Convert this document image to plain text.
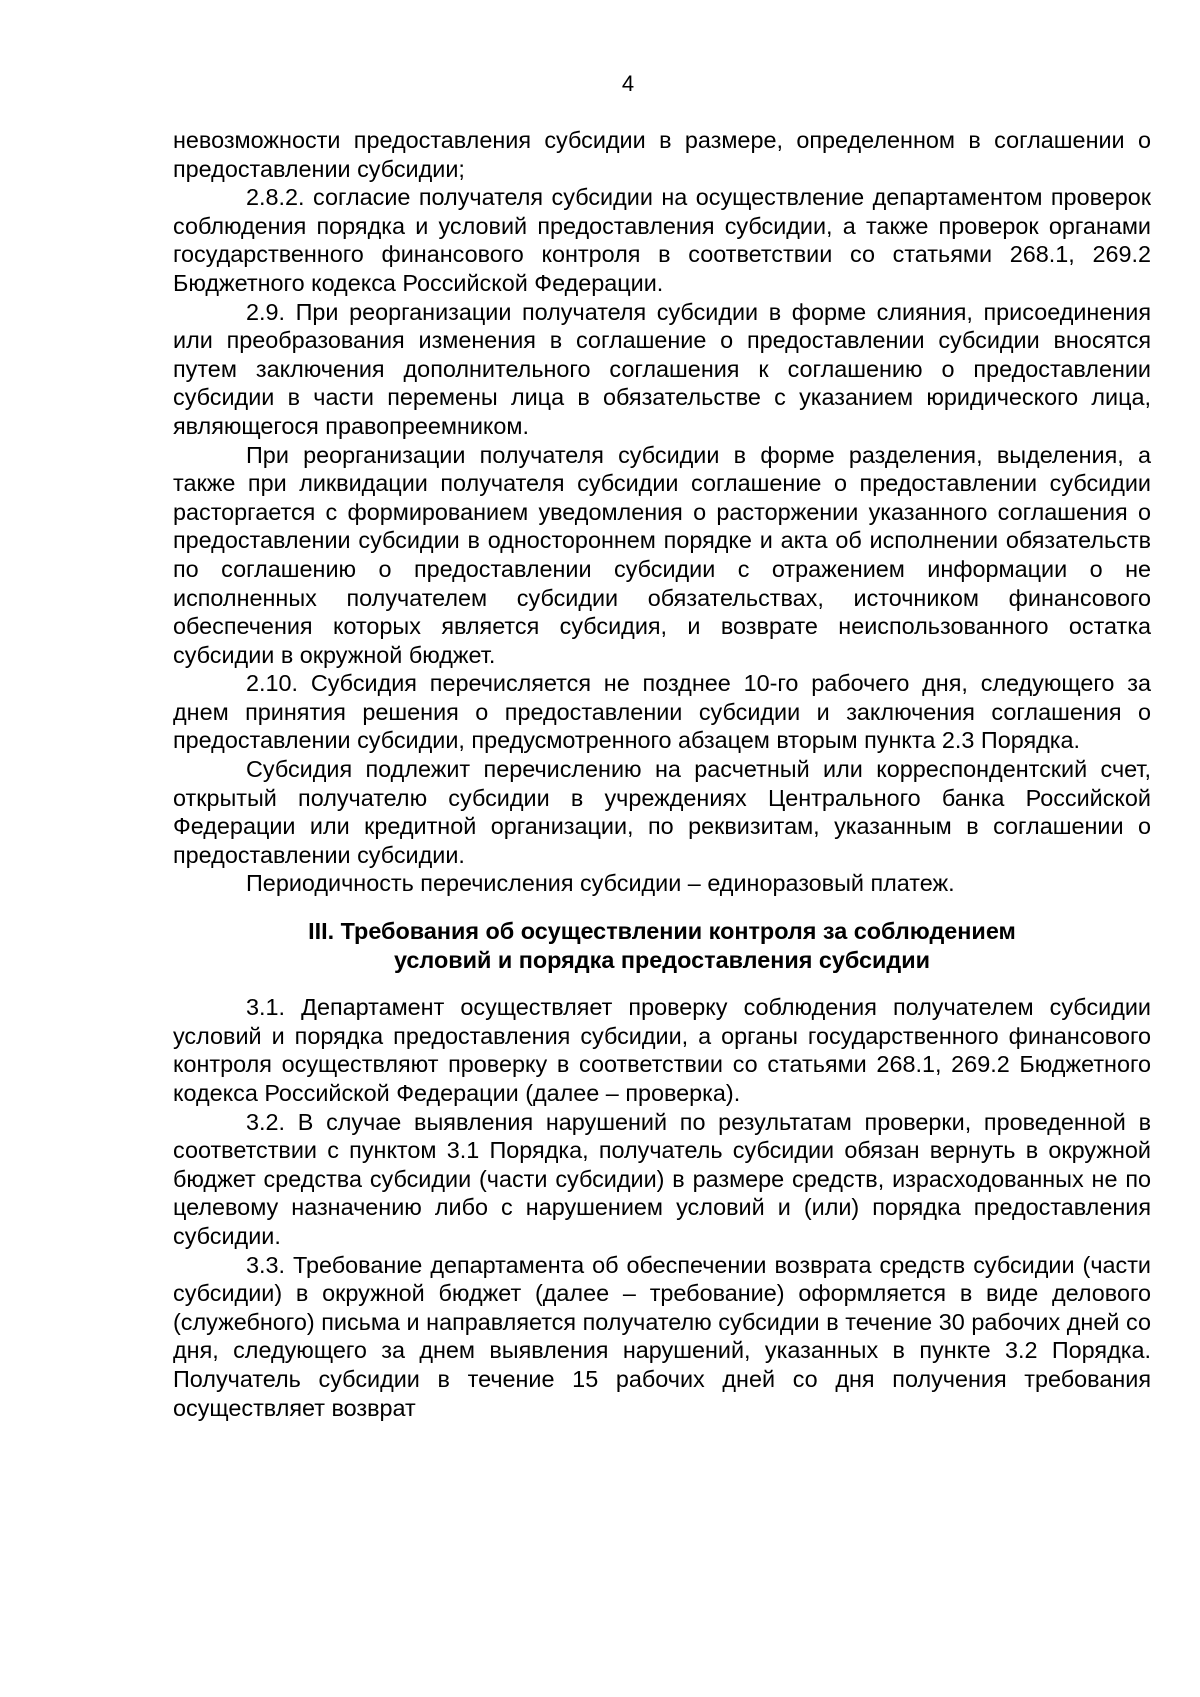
4

невозможности предоставления субсидии в размере, определенном в соглашении о предоставлении субсидии;

2.8.2. согласие получателя субсидии на осуществление департаментом проверок соблюдения порядка и условий предоставления субсидии, а также проверок органами государственного финансового контроля в соответствии со статьями 268.1, 269.2 Бюджетного кодекса Российской Федерации.

2.9. При реорганизации получателя субсидии в форме слияния, присоединения или преобразования изменения в соглашение о предоставлении субсидии вносятся путем заключения дополнительного соглашения к соглашению о предоставлении субсидии в части перемены лица в обязательстве с указанием юридического лица, являющегося правопреемником.

При реорганизации получателя субсидии в форме разделения, выделения, а также при ликвидации получателя субсидии соглашение о предоставлении субсидии расторгается с формированием уведомления о расторжении указанного соглашения о предоставлении субсидии в одностороннем порядке и акта об исполнении обязательств по соглашению о предоставлении субсидии с отражением информации о не исполненных получателем субсидии обязательствах, источником финансового обеспечения которых является субсидия, и возврате неиспользованного остатка субсидии в окружной бюджет.

2.10. Субсидия перечисляется не позднее 10-го рабочего дня, следующего за днем принятия решения о предоставлении субсидии и заключения соглашения о предоставлении субсидии, предусмотренного абзацем вторым пункта 2.3 Порядка.

Субсидия подлежит перечислению на расчетный или корреспондентский счет, открытый получателю субсидии в учреждениях Центрального банка Российской Федерации или кредитной организации, по реквизитам, указанным в соглашении о предоставлении субсидии.

Периодичность перечисления субсидии – единоразовый платеж.

III. Требования об осуществлении контроля за соблюдением
условий и порядка предоставления субсидии

3.1. Департамент осуществляет проверку соблюдения получателем субсидии условий и порядка предоставления субсидии, а органы государственного финансового контроля осуществляют проверку в соответствии со статьями 268.1, 269.2 Бюджетного кодекса Российской Федерации (далее – проверка).

3.2. В случае выявления нарушений по результатам проверки, проведенной в соответствии с пунктом 3.1 Порядка, получатель субсидии обязан вернуть в окружной бюджет средства субсидии (части субсидии) в размере средств, израсходованных не по целевому назначению либо с нарушением условий и (или) порядка предоставления субсидии.

3.3. Требование департамента об обеспечении возврата средств субсидии (части субсидии) в окружной бюджет (далее – требование) оформляется в виде делового (служебного) письма и направляется получателю субсидии в течение 30 рабочих дней со дня, следующего за днем выявления нарушений, указанных в пункте 3.2 Порядка. Получатель субсидии в течение 15 рабочих дней со дня получения требования осуществляет возврат
